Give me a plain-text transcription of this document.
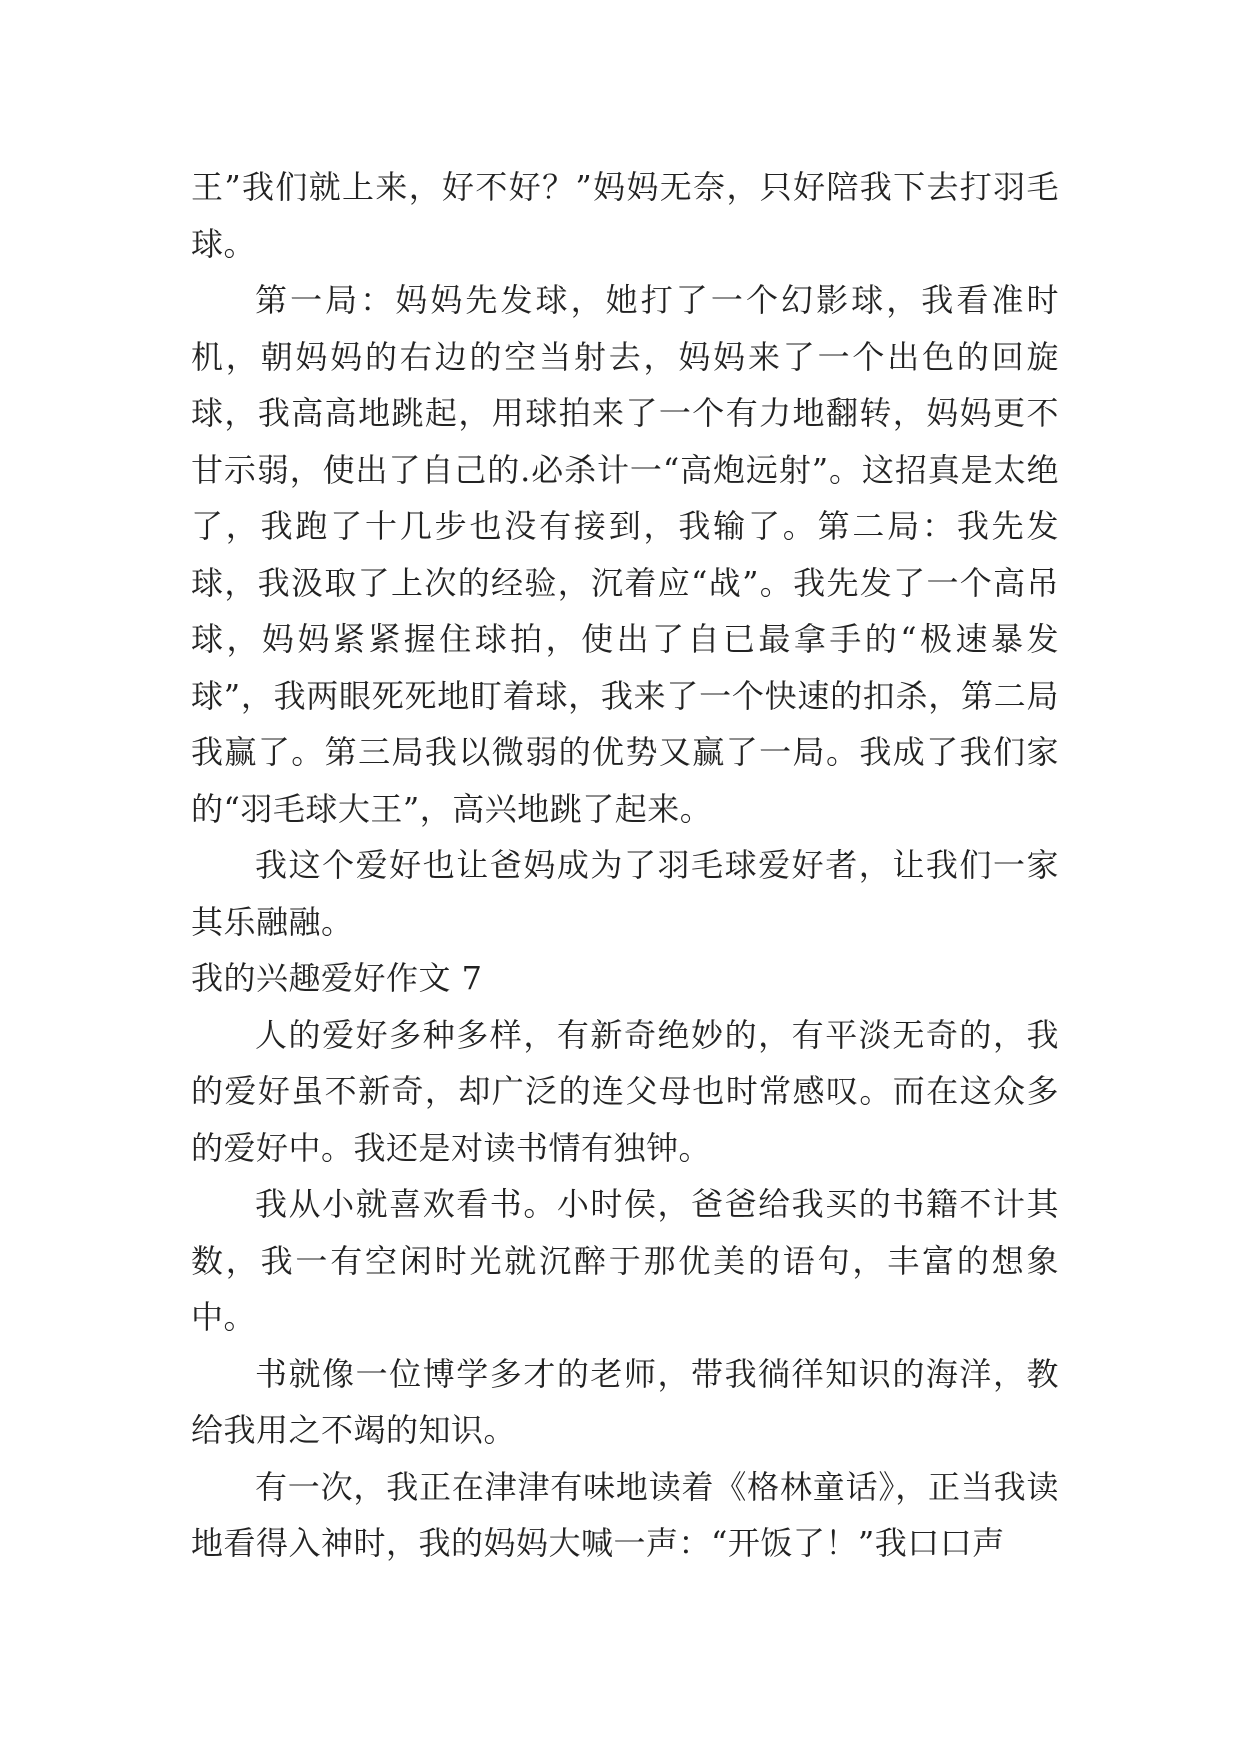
王”我们就上来，好不好？”妈妈无奈，只好陪我下去打羽毛球。

第一局：妈妈先发球，她打了一个幻影球，我看准时机，朝妈妈的右边的空当射去，妈妈来了一个出色的回旋球，我高高地跳起，用球拍来了一个有力地翻转，妈妈更不甘示弱，使出了自己的.必杀计一“高炮远射”。这招真是太绝了，我跑了十几步也没有接到，我输了。第二局：我先发球，我汲取了上次的经验，沉着应“战”。我先发了一个高吊球，妈妈紧紧握住球拍，使出了自已最拿手的“极速暴发球”，我两眼死死地盯着球，我来了一个快速的扣杀，第二局我赢了。第三局我以微弱的优势又赢了一局。我成了我们家的“羽毛球大王”，高兴地跳了起来。

我这个爱好也让爸妈成为了羽毛球爱好者，让我们一家其乐融融。

我的兴趣爱好作文 7

人的爱好多种多样，有新奇绝妙的，有平淡无奇的，我的爱好虽不新奇，却广泛的连父母也时常感叹。而在这众多的爱好中。我还是对读书情有独钟。

我从小就喜欢看书。小时侯，爸爸给我买的书籍不计其数，我一有空闲时光就沉醉于那优美的语句，丰富的想象中。

书就像一位博学多才的老师，带我徜徉知识的海洋，教给我用之不竭的知识。

有一次，我正在津津有味地读着《格林童话》，正当我读地看得入神时，我的妈妈大喊一声：“开饭了！”我口口声
